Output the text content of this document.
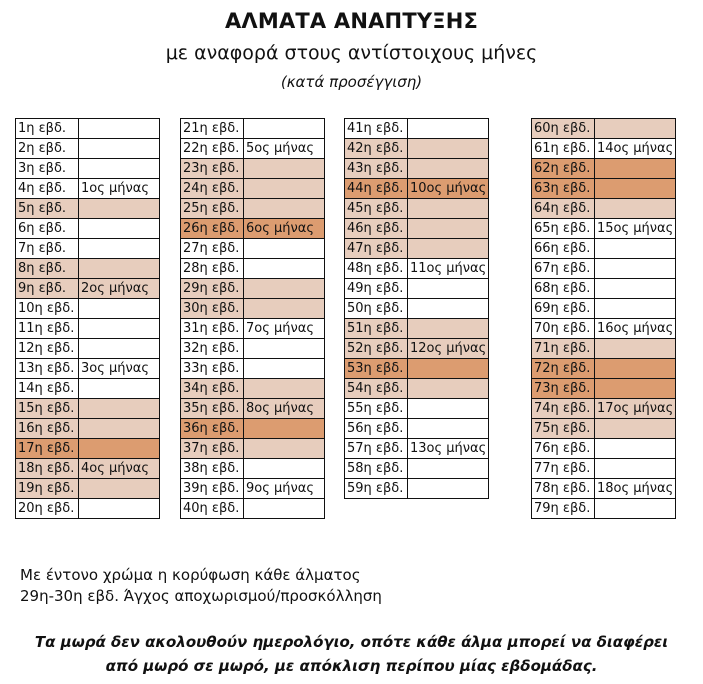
ΑΛΜΑΤΑ ΑΝΑΠΤΥΞΗΣ
με αναφορά στους αντίστοιχους μήνες
(κατά προσέγγιση)
1η εβδ.	
2η εβδ.	
3η εβδ.	
4η εβδ.	1ος μήνας
5η εβδ.	
6η εβδ.	
7η εβδ.	
8η εβδ.	
9η εβδ.	2ος μήνας
10η εβδ.	
11η εβδ.	
12η εβδ.	
13η εβδ.	3ος μήνας
14η εβδ.	
15η εβδ.	
16η εβδ.	
17η εβδ.	
18η εβδ.	4ος μήνας
19η εβδ.	
20η εβδ.	
21η εβδ.	
22η εβδ.	5ος μήνας
23η εβδ.	
24η εβδ.	
25η εβδ.	
26η εβδ.	6ος μήνας
27η εβδ.	
28η εβδ.	
29η εβδ.	
30η εβδ.	
31η εβδ.	7ος μήνας
32η εβδ.	
33η εβδ.	
34η εβδ.	
35η εβδ.	8ος μήνας
36η εβδ.	
37η εβδ.	
38η εβδ.	
39η εβδ.	9ος μήνας
40η εβδ.	
41η εβδ.	
42η εβδ.	
43η εβδ.	
44η εβδ.	10ος μήνας
45η εβδ.	
46η εβδ.	
47η εβδ.	
48η εβδ.	11ος μήνας
49η εβδ.	
50η εβδ.	
51η εβδ.	
52η εβδ.	12ος μήνας
53η εβδ.	
54η εβδ.	
55η εβδ.	
56η εβδ.	
57η εβδ.	13ος μήνας
58η εβδ.	
59η εβδ.	
60η εβδ.	
61η εβδ.	14ος μήνας
62η εβδ.	
63η εβδ.	
64η εβδ.	
65η εβδ.	15ος μήνας
66η εβδ.	
67η εβδ.	
68η εβδ.	
69η εβδ.	
70η εβδ.	16ος μήνας
71η εβδ.	
72η εβδ.	
73η εβδ.	
74η εβδ.	17ος μήνας
75η εβδ.	
76η εβδ.	
77η εβδ.	
78η εβδ.	18ος μήνας
79η εβδ.	
Με έντονο χρώμα η κορύφωση κάθε άλματος
29η-30η εβδ. Άγχος αποχωρισμού/προσκόλληση
Τα μωρά δεν ακολουθούν ημερολόγιο, οπότε κάθε άλμα μπορεί να διαφέρει
από μωρό σε μωρό, με απόκλιση περίπου μίας εβδομάδας.
